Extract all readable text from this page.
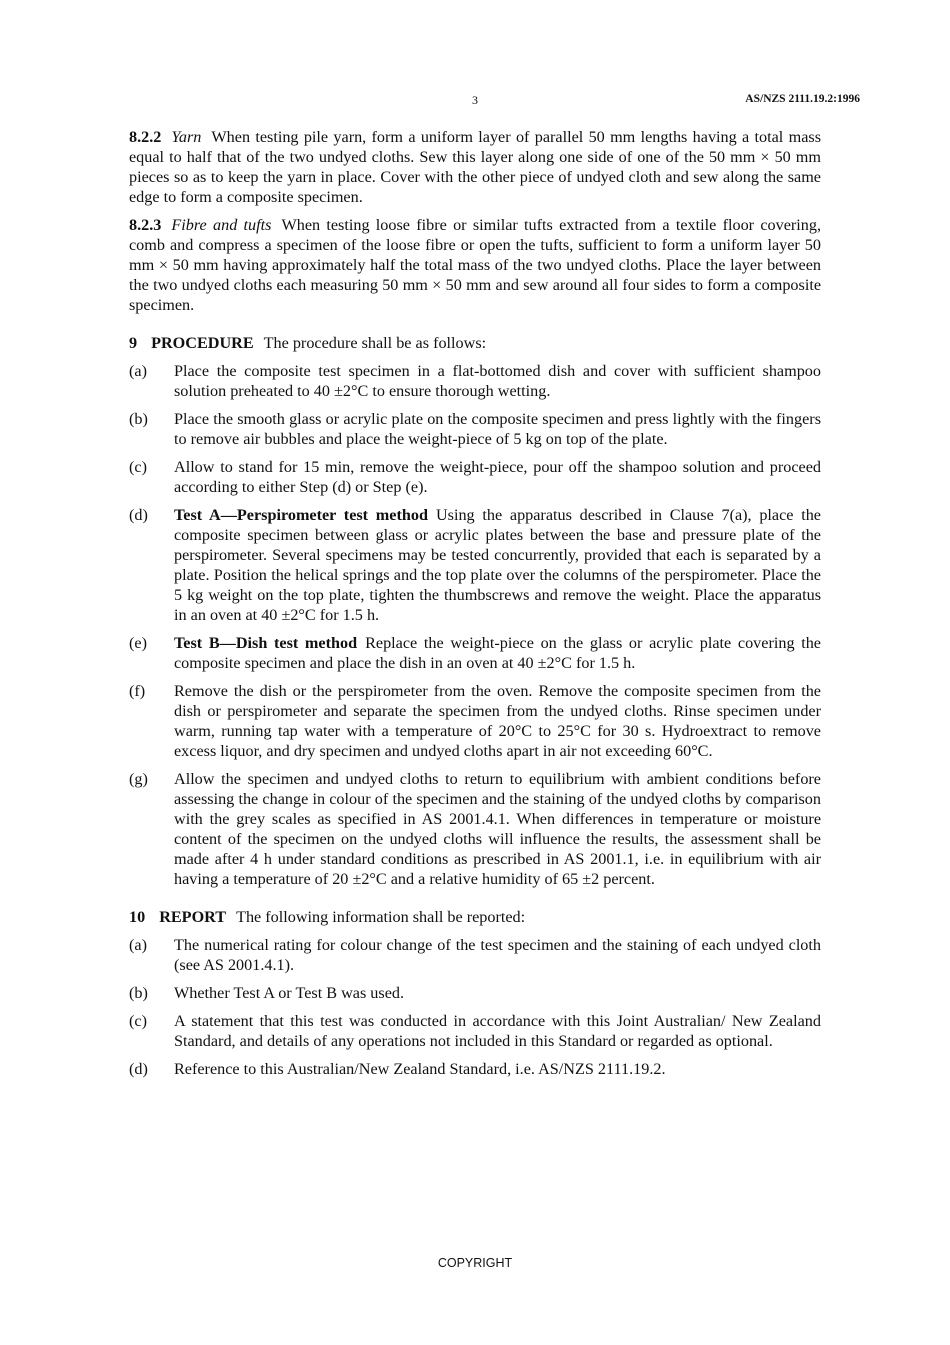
3	AS/NZS 2111.19.2:1996

8.2.2 Yarn When testing pile yarn, form a uniform layer of parallel 50 mm lengths having a total mass equal to half that of the two undyed cloths. Sew this layer along one side of one of the 50 mm × 50 mm pieces so as to keep the yarn in place. Cover with the other piece of undyed cloth and sew along the same edge to form a composite specimen.

8.2.3 Fibre and tufts When testing loose fibre or similar tufts extracted from a textile floor covering, comb and compress a specimen of the loose fibre or open the tufts, sufficient to form a uniform layer 50 mm × 50 mm having approximately half the total mass of the two undyed cloths. Place the layer between the two undyed cloths each measuring 50 mm × 50 mm and sew around all four sides to form a composite specimen.

9 PROCEDURE The procedure shall be as follows:

(a) Place the composite test specimen in a flat-bottomed dish and cover with sufficient shampoo solution preheated to 40 ±2°C to ensure thorough wetting.
(b) Place the smooth glass or acrylic plate on the composite specimen and press lightly with the fingers to remove air bubbles and place the weight-piece of 5 kg on top of the plate.
(c) Allow to stand for 15 min, remove the weight-piece, pour off the shampoo solution and proceed according to either Step (d) or Step (e).
(d) Test A—Perspirometer test method Using the apparatus described in Clause 7(a), place the composite specimen between glass or acrylic plates between the base and pressure plate of the perspirometer. Several specimens may be tested concurrently, provided that each is separated by a plate. Position the helical springs and the top plate over the columns of the perspirometer. Place the 5 kg weight on the top plate, tighten the thumbscrews and remove the weight. Place the apparatus in an oven at 40 ±2°C for 1.5 h.
(e) Test B—Dish test method Replace the weight-piece on the glass or acrylic plate covering the composite specimen and place the dish in an oven at 40 ±2°C for 1.5 h.
(f) Remove the dish or the perspirometer from the oven. Remove the composite specimen from the dish or perspirometer and separate the specimen from the undyed cloths. Rinse specimen under warm, running tap water with a temperature of 20°C to 25°C for 30 s. Hydroextract to remove excess liquor, and dry specimen and undyed cloths apart in air not exceeding 60°C.
(g) Allow the specimen and undyed cloths to return to equilibrium with ambient conditions before assessing the change in colour of the specimen and the staining of the undyed cloths by comparison with the grey scales as specified in AS 2001.4.1. When differences in temperature or moisture content of the specimen on the undyed cloths will influence the results, the assessment shall be made after 4 h under standard conditions as prescribed in AS 2001.1, i.e. in equilibrium with air having a temperature of 20 ±2°C and a relative humidity of 65 ±2 percent.

10 REPORT The following information shall be reported:

(a) The numerical rating for colour change of the test specimen and the staining of each undyed cloth (see AS 2001.4.1).
(b) Whether Test A or Test B was used.
(c) A statement that this test was conducted in accordance with this Joint Australian/ New Zealand Standard, and details of any operations not included in this Standard or regarded as optional.
(d) Reference to this Australian/New Zealand Standard, i.e. AS/NZS 2111.19.2.
COPYRIGHT
